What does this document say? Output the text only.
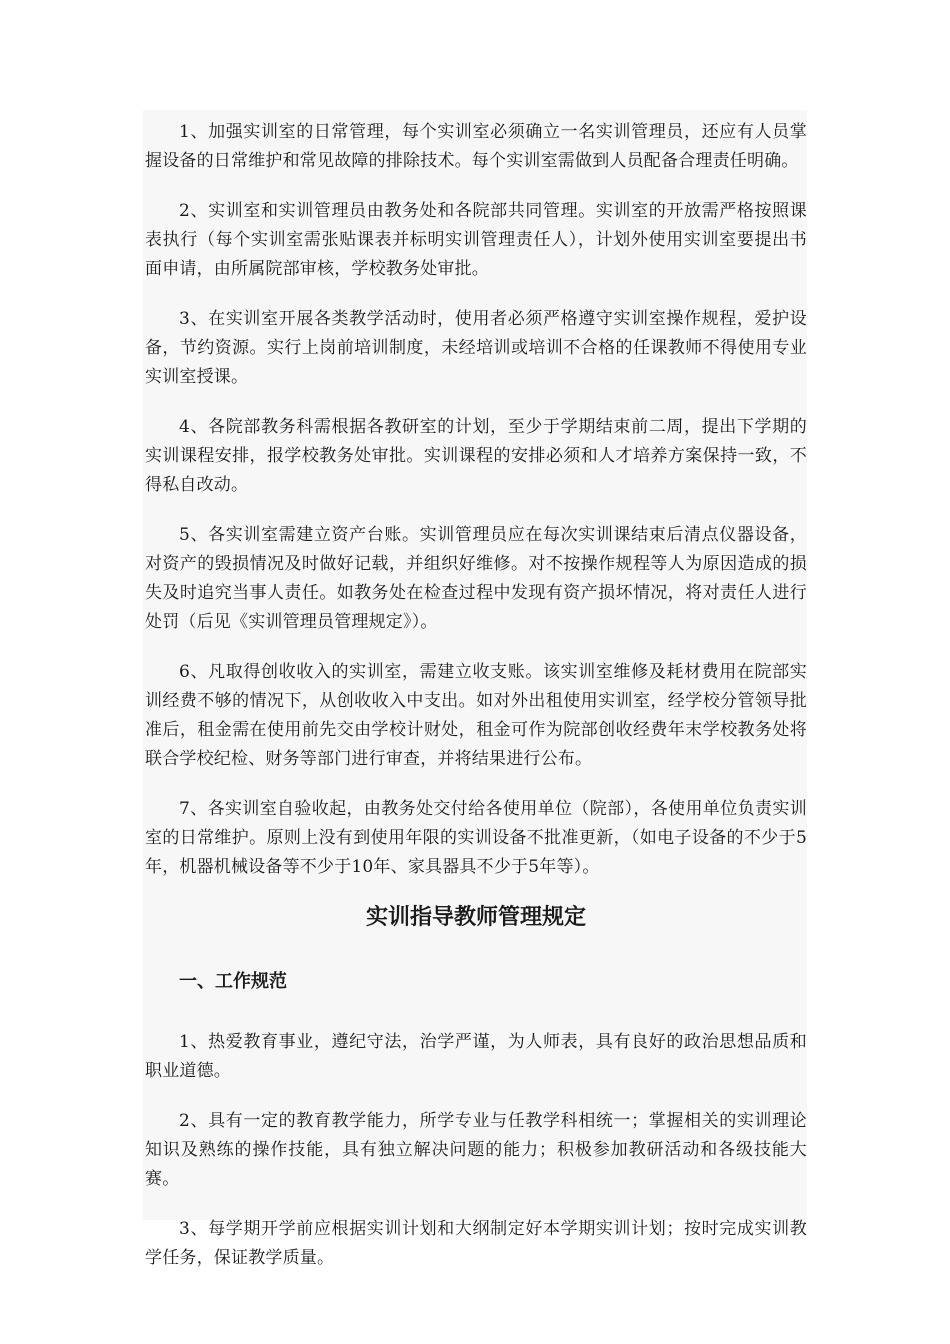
1、加强实训室的日常管理，每个实训室必须确立一名实训管理员，还应有人员掌握设备的日常维护和常见故障的排除技术。每个实训室需做到人员配备合理责任明确。

2、实训室和实训管理员由教务处和各院部共同管理。实训室的开放需严格按照课表执行（每个实训室需张贴课表并标明实训管理责任人），计划外使用实训室要提出书面申请，由所属院部审核，学校教务处审批。

3、在实训室开展各类教学活动时，使用者必须严格遵守实训室操作规程，爱护设备，节约资源。实行上岗前培训制度，未经培训或培训不合格的任课教师不得使用专业实训室授课。

4、各院部教务科需根据各教研室的计划，至少于学期结束前二周，提出下学期的实训课程安排，报学校教务处审批。实训课程的安排必须和人才培养方案保持一致，不得私自改动。

5、各实训室需建立资产台账。实训管理员应在每次实训课结束后清点仪器设备，对资产的毁损情况及时做好记载，并组织好维修。对不按操作规程等人为原因造成的损失及时追究当事人责任。如教务处在检查过程中发现有资产损坏情况，将对责任人进行处罚（后见《实训管理员管理规定》）。

6、凡取得创收收入的实训室，需建立收支账。该实训室维修及耗材费用在院部实训经费不够的情况下，从创收收入中支出。如对外出租使用实训室，经学校分管领导批准后，租金需在使用前先交由学校计财处，租金可作为院部创收经费年末学校教务处将联合学校纪检、财务等部门进行审查，并将结果进行公布。

7、各实训室自验收起，由教务处交付给各使用单位（院部），各使用单位负责实训室的日常维护。原则上没有到使用年限的实训设备不批准更新，（如电子设备的不少于5年，机器机械设备等不少于10年、家具器具不少于5年等）。

实训指导教师管理规定
一、工作规范

1、热爱教育事业，遵纪守法，治学严谨，为人师表，具有良好的政治思想品质和职业道德。

2、具有一定的教育教学能力，所学专业与任教学科相统一；掌握相关的实训理论知识及熟练的操作技能，具有独立解决问题的能力；积极参加教研活动和各级技能大赛。

3、每学期开学前应根据实训计划和大纲制定好本学期实训计划；按时完成实训教学任务，保证教学质量。
